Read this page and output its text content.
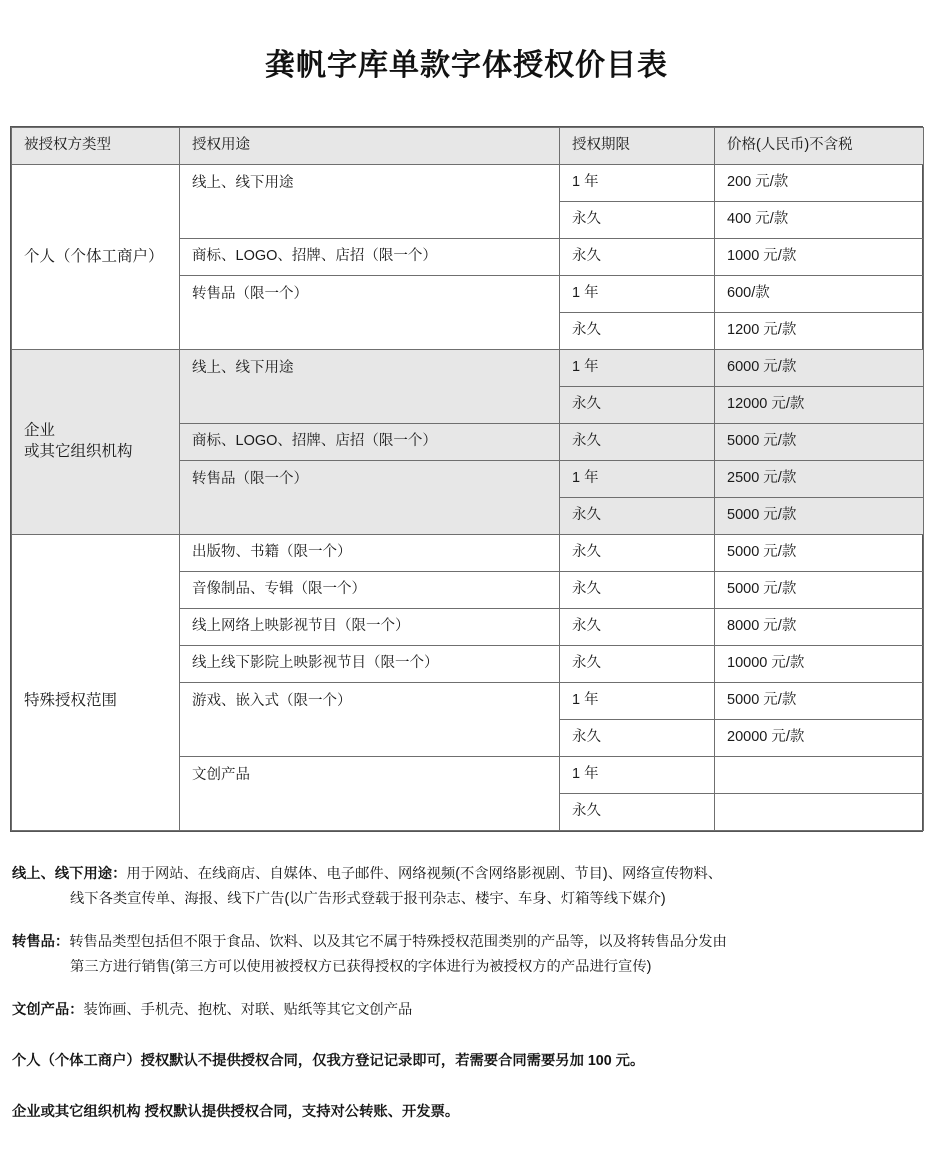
龚帆字库单款字体授权价目表
被授权方类型	授权用途	授权期限	价格(人民币)不含税
个人（个体工商户）	线上、线下用途	1 年	200 元/款
		永久	400 元/款
	商标、LOGO、招牌、店招（限一个）	永久	1000 元/款
	转售品（限一个）	1 年	600/款
		永久	1200 元/款

企业
或其它组织机构	线上、线下用途	1 年	6000 元/款
		永久	12000 元/款
	商标、LOGO、招牌、店招（限一个）	永久	5000 元/款
	转售品（限一个）	1 年	2500 元/款
		永久	5000 元/款
特殊授权范围	出版物、书籍（限一个）	永久	5000 元/款
	音像制品、专辑（限一个）	永久	5000 元/款
	线上网络上映影视节目（限一个）	永久	8000 元/款
	线上线下影院上映影视节目（限一个）	永久	10000 元/款
	游戏、嵌入式（限一个）	1 年	5000 元/款
		永久	20000 元/款
	文创产品	1 年	
		永久	
线上、线下用途：用于网站、在线商店、自媒体、电子邮件、网络视频(不含网络影视剧、节目)、网络宣传物料、
线下各类宣传单、海报、线下广告(以广告形式登载于报刊杂志、楼宇、车身、灯箱等线下媒介)
转售品：转售品类型包括但不限于食品、饮料、以及其它不属于特殊授权范围类别的产品等，以及将转售品分发由
第三方进行销售(第三方可以使用被授权方已获得授权的字体进行为被授权方的产品进行宣传)
文创产品：装饰画、手机壳、抱枕、对联、贴纸等其它文创产品
个人（个体工商户）授权默认不提供授权合同，仅我方登记记录即可，若需要合同需要另加 100 元。
企业或其它组织机构 授权默认提供授权合同，支持对公转账、开发票。
